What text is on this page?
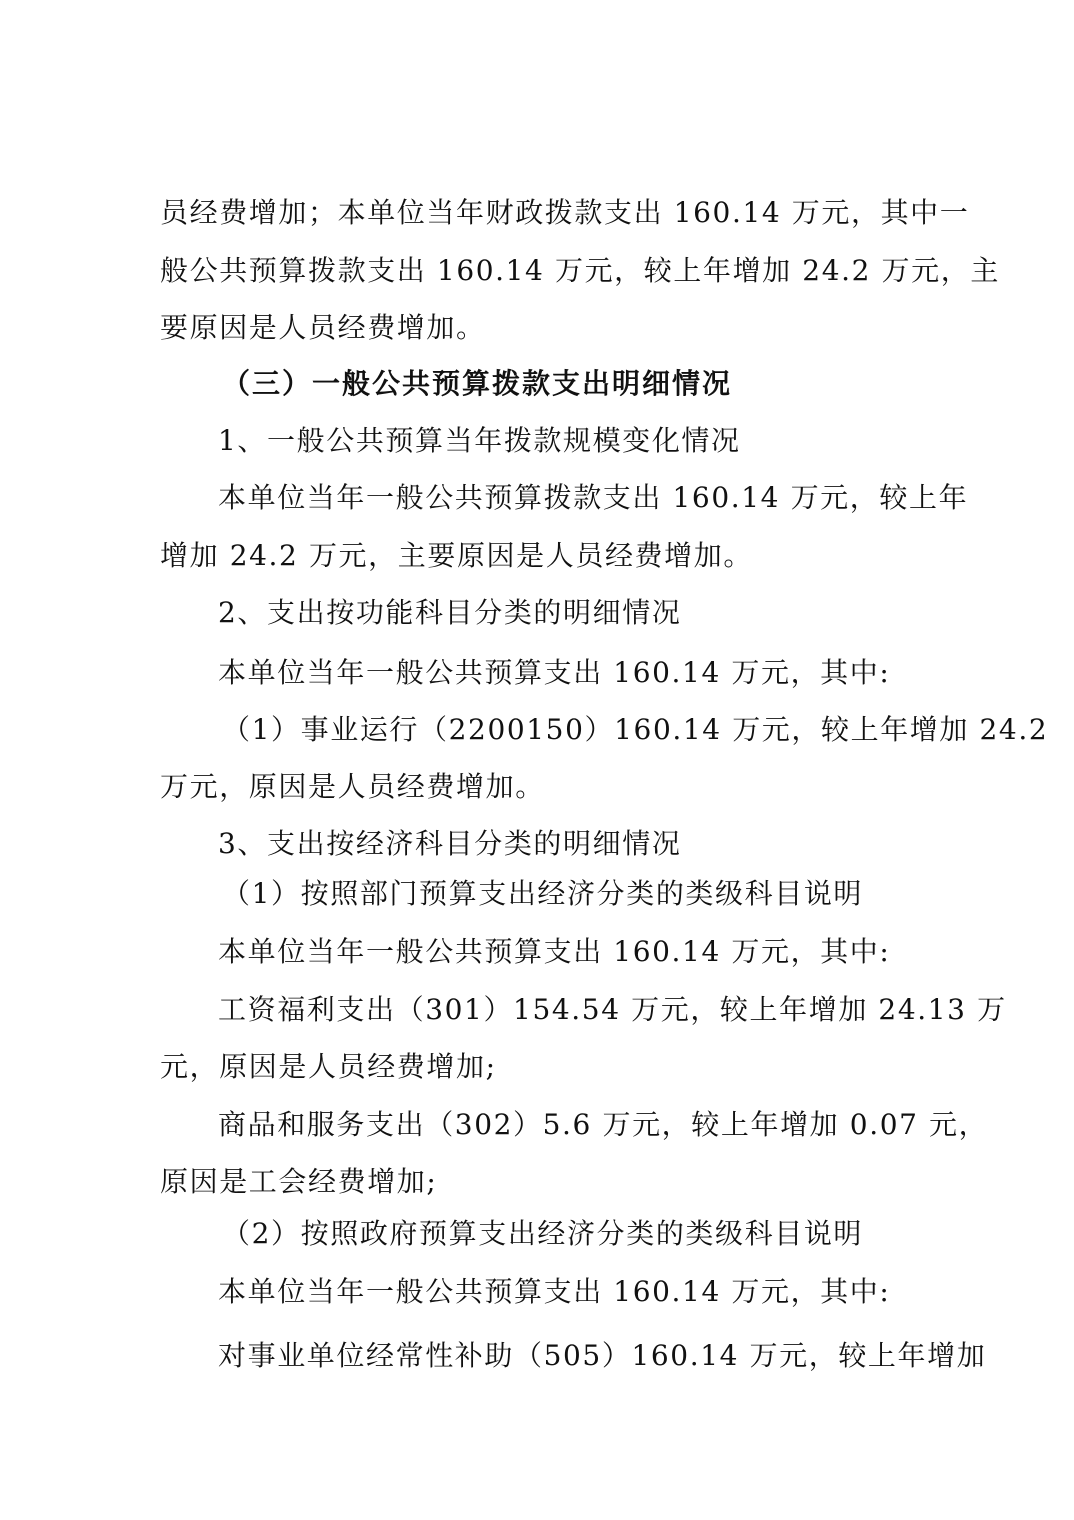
员经费增加；本单位当年财政拨款支出 160.14 万元，其中一
般公共预算拨款支出 160.14 万元，较上年增加 24.2 万元，主
要原因是人员经费增加。
（三）一般公共预算拨款支出明细情况
1、一般公共预算当年拨款规模变化情况
本单位当年一般公共预算拨款支出 160.14 万元，较上年
增加 24.2 万元，主要原因是人员经费增加。
2、支出按功能科目分类的明细情况
本单位当年一般公共预算支出 160.14 万元，其中:
（1）事业运行（2200150）160.14 万元，较上年增加 24.2
万元，原因是人员经费增加。
3、支出按经济科目分类的明细情况
（1）按照部门预算支出经济分类的类级科目说明
本单位当年一般公共预算支出 160.14 万元，其中:
工资福利支出（301）154.54 万元，较上年增加 24.13 万
元，原因是人员经费增加;
商品和服务支出（302）5.6 万元，较上年增加 0.07 元，
原因是工会经费增加;
（2）按照政府预算支出经济分类的类级科目说明
本单位当年一般公共预算支出 160.14 万元，其中:
对事业单位经常性补助（505）160.14 万元，较上年增加
